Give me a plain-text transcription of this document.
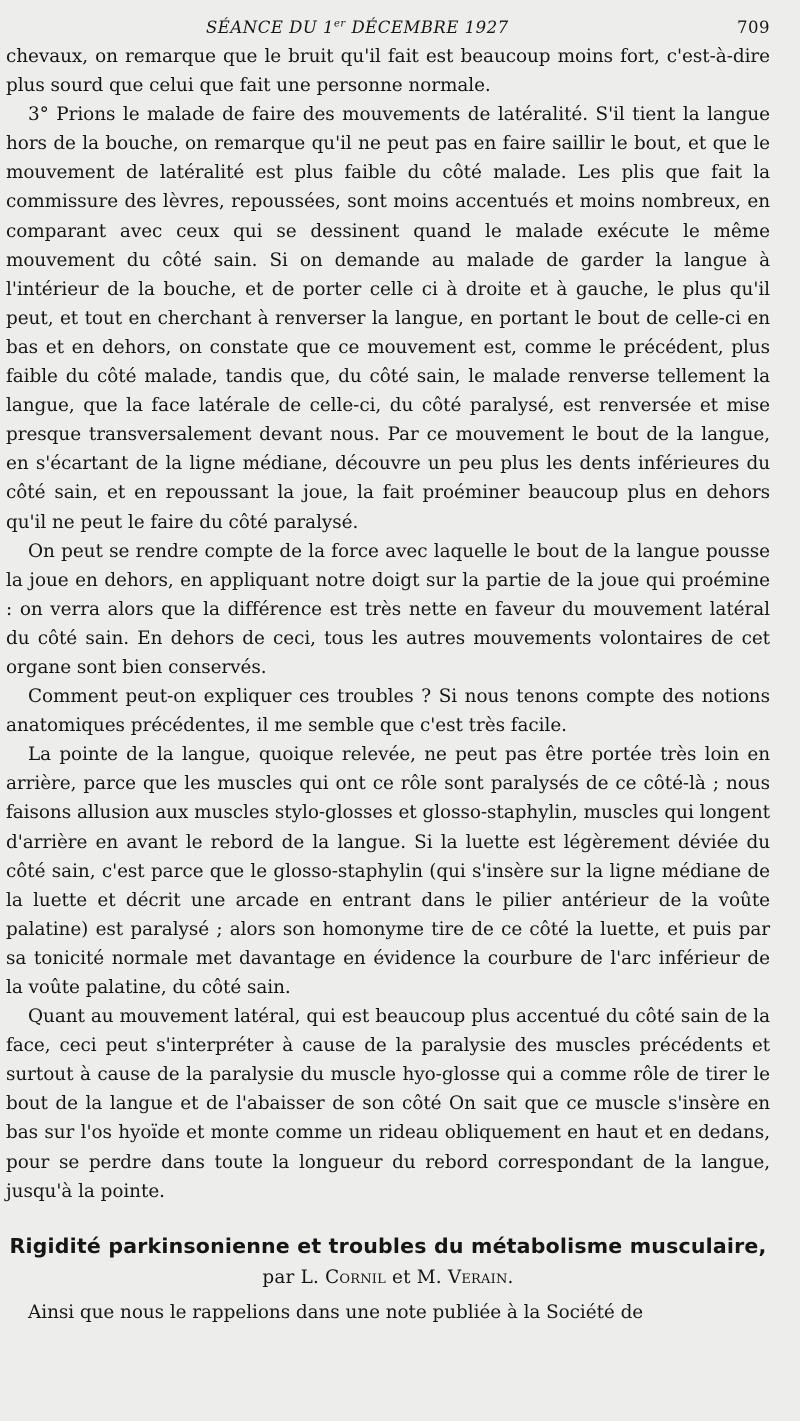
SÉANCE DU 1er DÉCEMBRE 1927	709

chevaux, on remarque que le bruit qu'il fait est beaucoup moins fort, c'est-à-dire plus sourd que celui que fait une personne normale.

3° Prions le malade de faire des mouvements de latéralité. S'il tient la langue hors de la bouche, on remarque qu'il ne peut pas en faire saillir le bout, et que le mouvement de latéralité est plus faible du côté malade. Les plis que fait la commissure des lèvres, repoussées, sont moins accentués et moins nombreux, en comparant avec ceux qui se dessinent quand le malade exécute le même mouvement du côté sain. Si on demande au malade de garder la langue à l'intérieur de la bouche, et de porter celle ci à droite et à gauche, le plus qu'il peut, et tout en cherchant à renverser la langue, en portant le bout de celle-ci en bas et en dehors, on constate que ce mouvement est, comme le précédent, plus faible du côté malade, tandis que, du côté sain, le malade renverse tellement la langue, que la face latérale de celle-ci, du côté paralysé, est renversée et mise presque transversalement devant nous. Par ce mouvement le bout de la langue, en s'écartant de la ligne médiane, découvre un peu plus les dents inférieures du côté sain, et en repoussant la joue, la fait proéminer beaucoup plus en dehors qu'il ne peut le faire du côté paralysé.

On peut se rendre compte de la force avec laquelle le bout de la langue pousse la joue en dehors, en appliquant notre doigt sur la partie de la joue qui proémine : on verra alors que la différence est très nette en faveur du mouvement latéral du côté sain. En dehors de ceci, tous les autres mouvements volontaires de cet organe sont bien conservés.

Comment peut-on expliquer ces troubles ? Si nous tenons compte des notions anatomiques précédentes, il me semble que c'est très facile.

La pointe de la langue, quoique relevée, ne peut pas être portée très loin en arrière, parce que les muscles qui ont ce rôle sont paralysés de ce côté-là ; nous faisons allusion aux muscles stylo-glosses et glosso-staphylin, muscles qui longent d'arrière en avant le rebord de la langue. Si la luette est légèrement déviée du côté sain, c'est parce que le glosso-staphylin (qui s'insère sur la ligne médiane de la luette et décrit une arcade en entrant dans le pilier antérieur de la voûte palatine) est paralysé ; alors son homonyme tire de ce côté la luette, et puis par sa tonicité normale met davantage en évidence la courbure de l'arc inférieur de la voûte palatine, du côté sain.

Quant au mouvement latéral, qui est beaucoup plus accentué du côté sain de la face, ceci peut s'interpréter à cause de la paralysie des muscles précédents et surtout à cause de la paralysie du muscle hyo-glosse qui a comme rôle de tirer le bout de la langue et de l'abaisser de son côté On sait que ce muscle s'insère en bas sur l'os hyoïde et monte comme un rideau obliquement en haut et en dedans, pour se perdre dans toute la longueur du rebord correspondant de la langue, jusqu'à la pointe.

Rigidité parkinsonienne et troubles du métabolisme musculaire, par L. Cornil et M. Verain.

Ainsi que nous le rappelions dans une note publiée à la Société de
